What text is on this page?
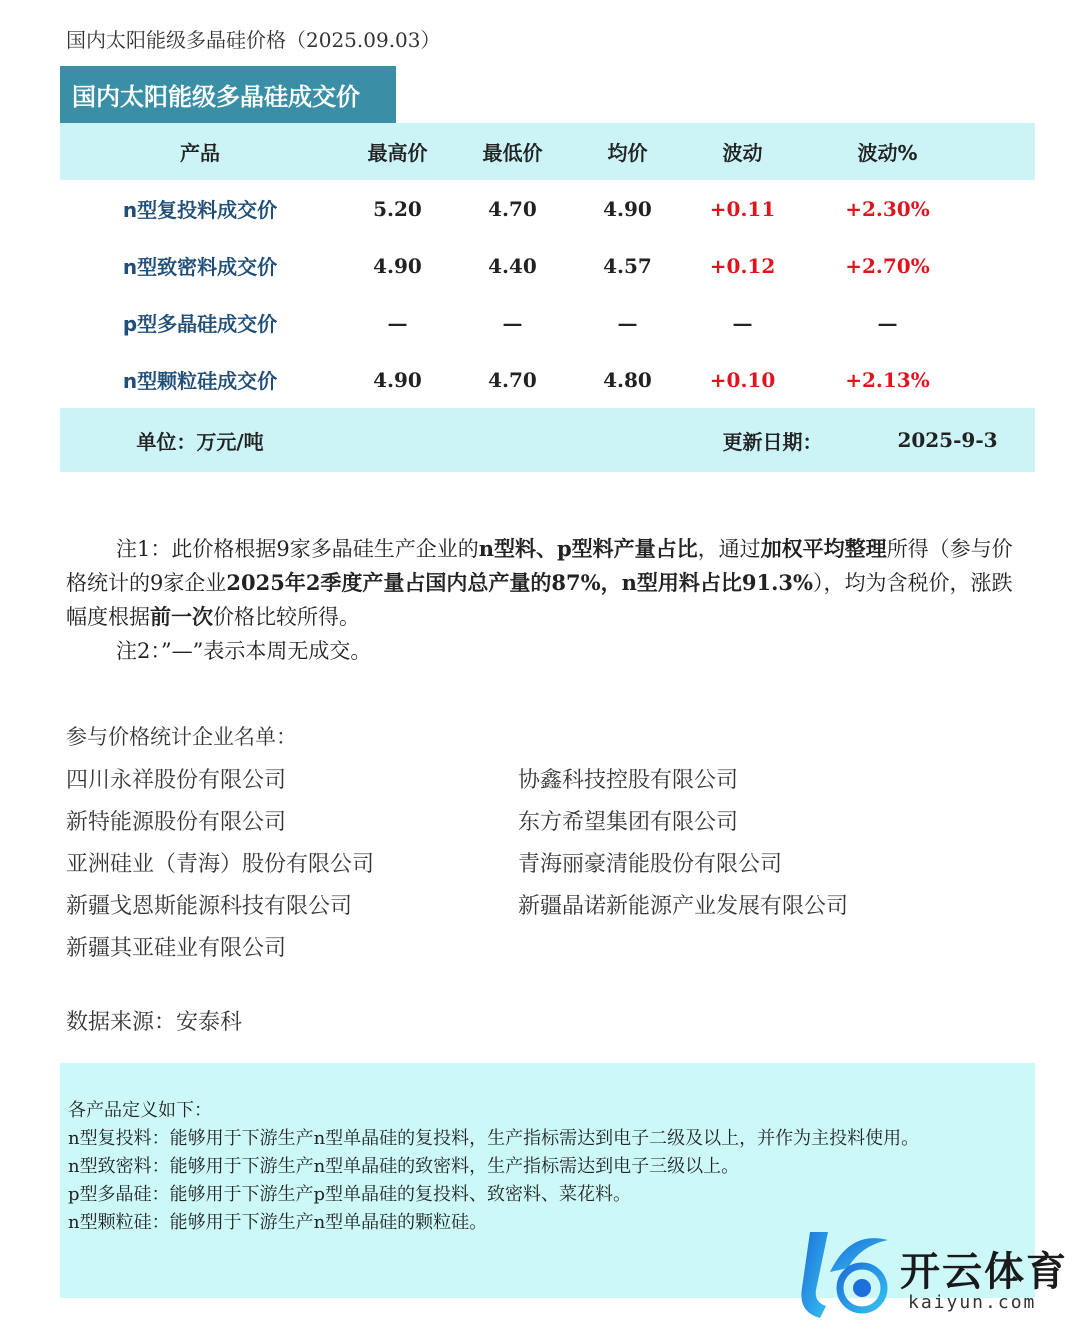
国内太阳能级多晶硅价格（2025.09.03）
国内太阳能级多晶硅成交价
产品	最高价	最低价	均价	波动	波动%
n型复投料成交价	5.20	4.70	4.90	+0.11	+2.30%
n型致密料成交价	4.90	4.40	4.57	+0.12	+2.70%
p型多晶硅成交价	—	—	—	—	—
n型颗粒硅成交价	4.90	4.70	4.80	+0.10	+2.13%
单位：万元/吨	更新日期：	2025-9-3

注1：此价格根据9家多晶硅生产企业的n型料、p型料产量占比，通过加权平均整理所得（参与价格统计的9家企业2025年2季度产量占国内总产量的87%，n型用料占比91.3%），均为含税价，涨跌幅度根据前一次价格比较所得。

注2：”—”表示本周无成交。

参与价格统计企业名单：
四川永祥股份有限公司
新特能源股份有限公司
亚洲硅业（青海）股份有限公司
新疆戈恩斯能源科技有限公司
新疆其亚硅业有限公司
协鑫科技控股有限公司
东方希望集团有限公司
青海丽豪清能股份有限公司
新疆晶诺新能源产业发展有限公司
数据来源：安泰科
各产品定义如下：
n型复投料：能够用于下游生产n型单晶硅的复投料，生产指标需达到电子二级及以上，并作为主投料使用。
n型致密料：能够用于下游生产n型单晶硅的致密料，生产指标需达到电子三级以上。
p型多晶硅：能够用于下游生产p型单晶硅的复投料、致密料、菜花料。
n型颗粒硅：能够用于下游生产n型单晶硅的颗粒硅。
开云体育
kaiyun.com
